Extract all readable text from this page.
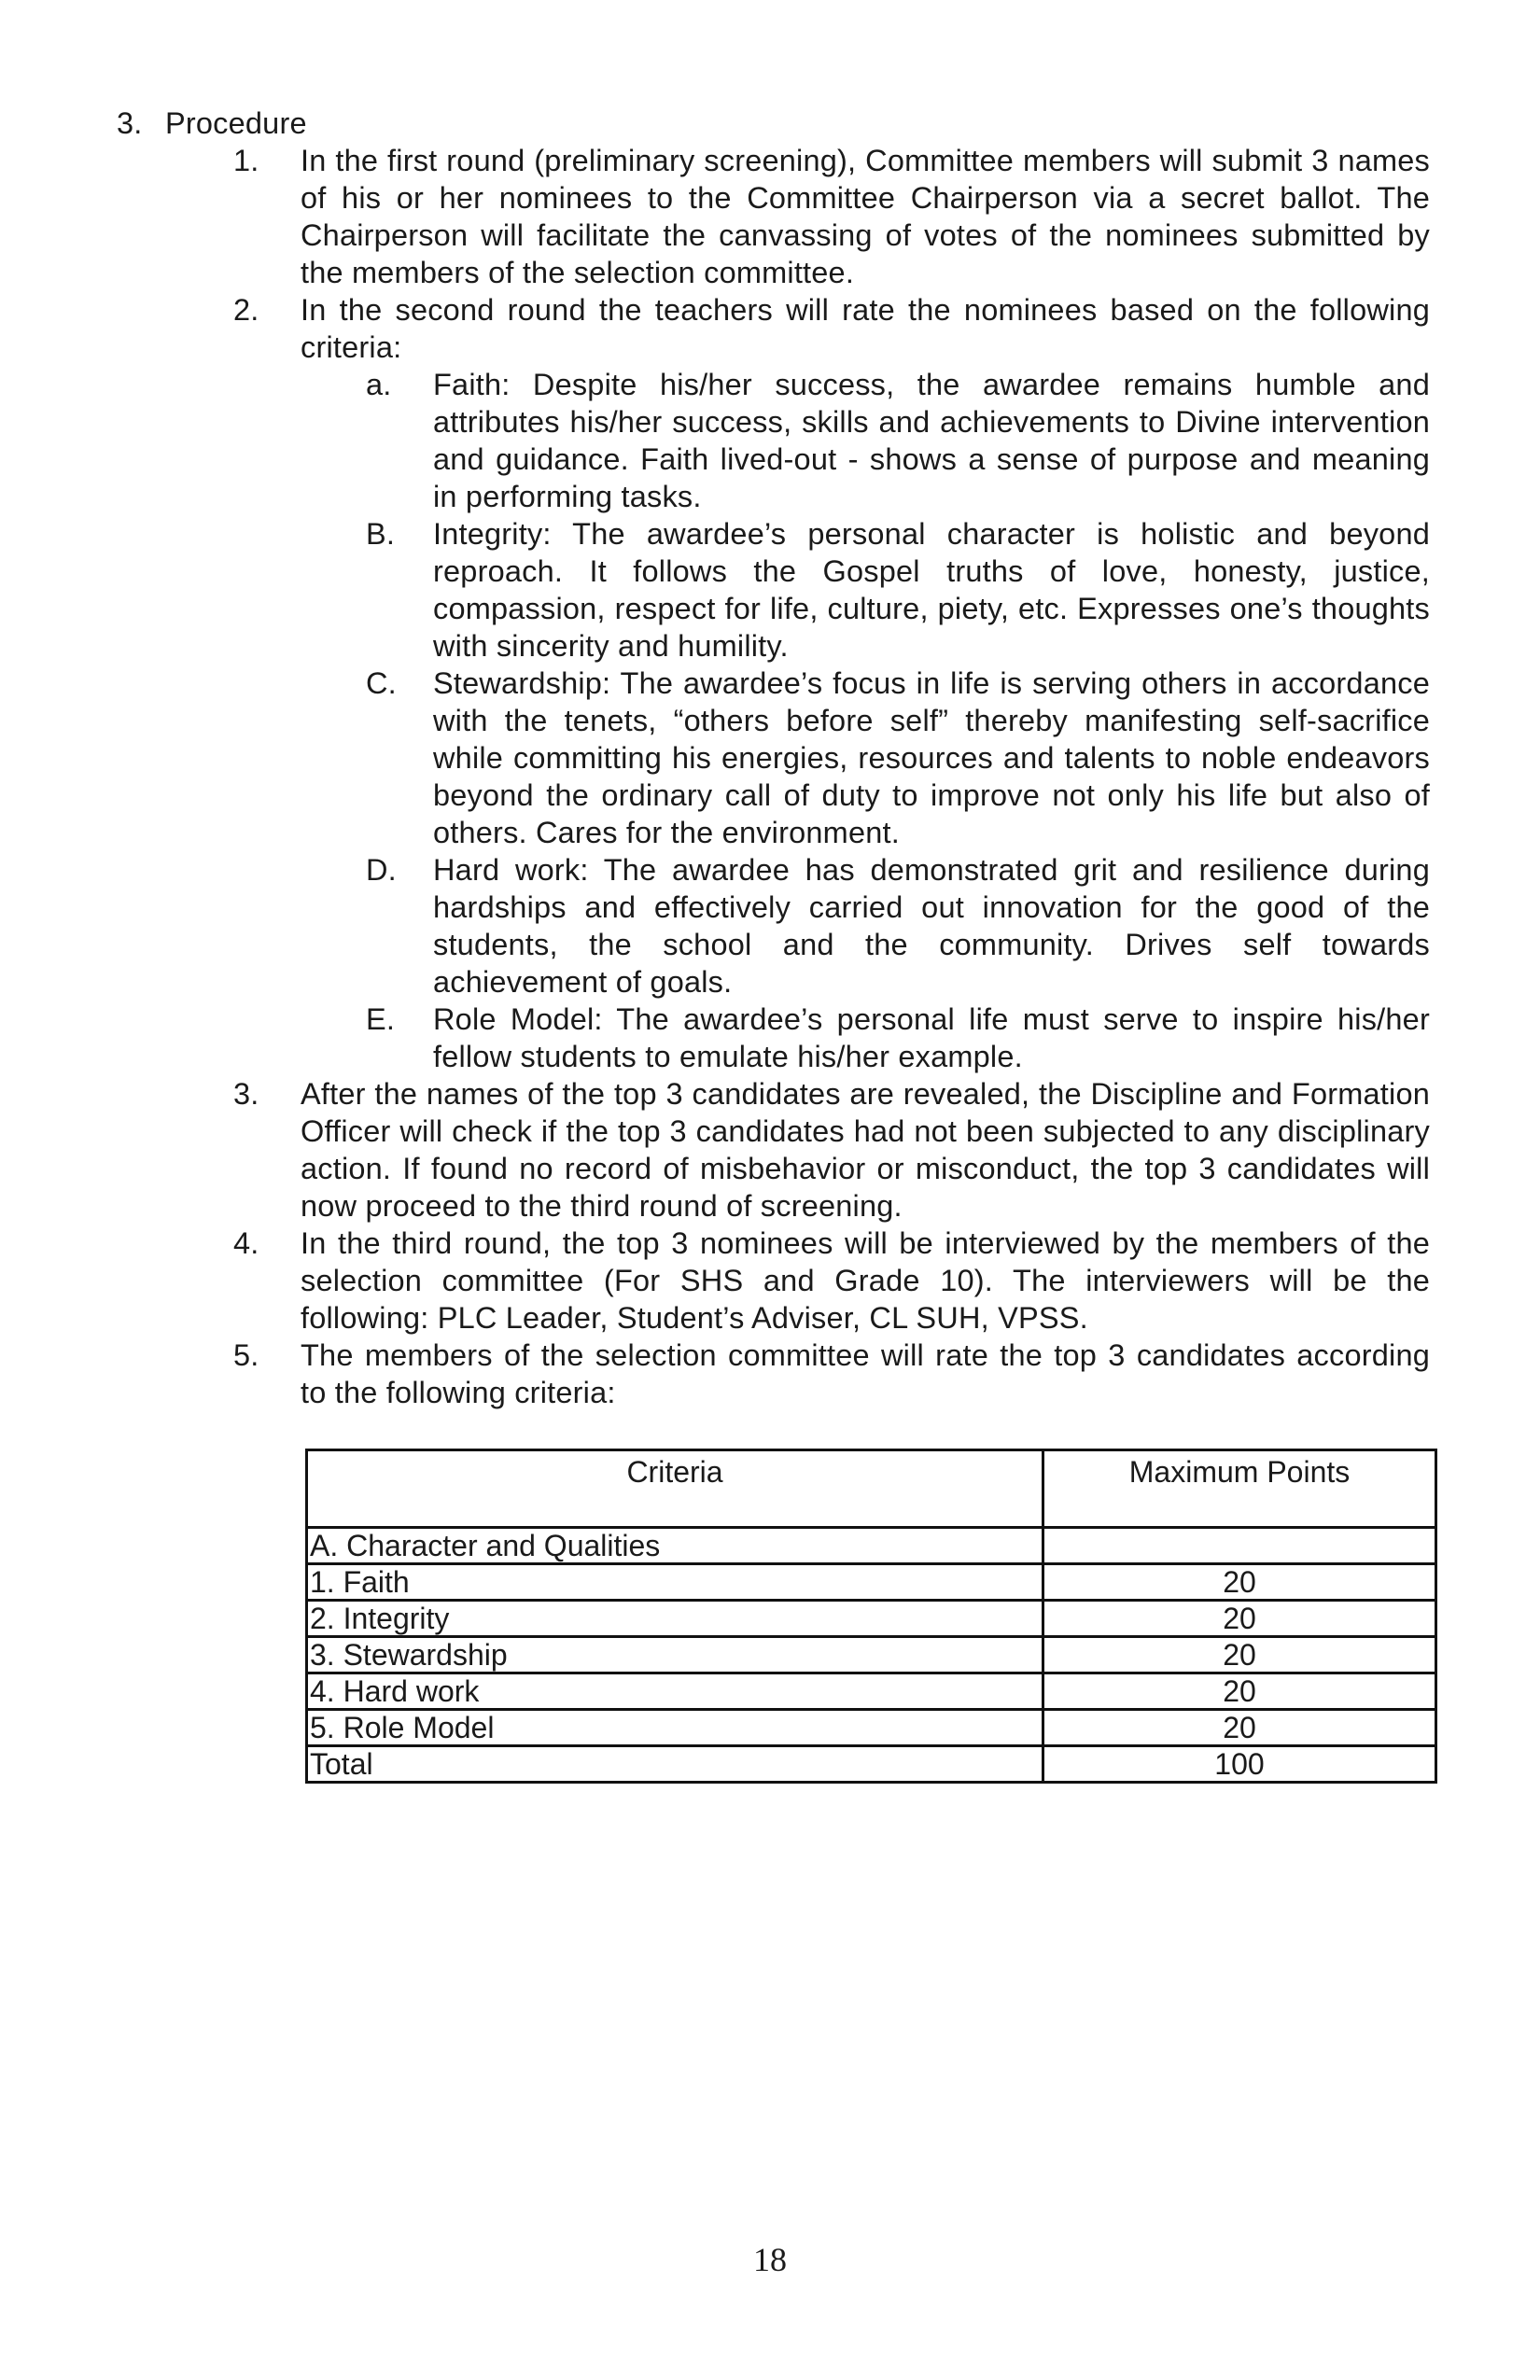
3. Procedure
1. In the first round (preliminary screening), Committee members will submit 3 names of his or her nominees to the Committee Chairperson via a secret ballot. The Chairperson will facilitate the canvassing of votes of the nominees submitted by the members of the selection committee.
2. In the second round the teachers will rate the nominees based on the following criteria:
a. Faith: Despite his/her success, the awardee remains humble and attributes his/her success, skills and achievements to Divine intervention and guidance. Faith lived-out - shows a sense of purpose and meaning in performing tasks.
B. Integrity: The awardee’s personal character is holistic and beyond reproach. It follows the Gospel truths of love, honesty, justice, compassion, respect for life, culture, piety, etc. Expresses one’s thoughts with sincerity and humility.
C. Stewardship: The awardee’s focus in life is serving others in accordance with the tenets, “others before self” thereby manifesting self-sacrifice while committing his energies, resources and talents to noble endeavors beyond the ordinary call of duty to improve not only his life but also of others. Cares for the environment.
D. Hard work: The awardee has demonstrated grit and resilience during hardships and effectively carried out innovation for the good of the students, the school and the community. Drives self towards achievement of goals.
E. Role Model: The awardee’s personal life must serve to inspire his/her fellow students to emulate his/her example.
3. After the names of the top 3 candidates are revealed, the Discipline and Formation Officer will check if the top 3 candidates had not been subjected to any disciplinary action. If found no record of misbehavior or misconduct, the top 3 candidates will now proceed to the third round of screening.
4. In the third round, the top 3 nominees will be interviewed by the members of the selection committee (For SHS and Grade 10). The interviewers will be the following: PLC Leader, Student’s Adviser, CL SUH, VPSS.
5. The members of the selection committee will rate the top 3 candidates according to the following criteria:
Criteria	Maximum Points
A. Character and Qualities	
1. Faith	20
2. Integrity	20
3. Stewardship	20
4. Hard work	20
5. Role Model	20
Total	100
18
